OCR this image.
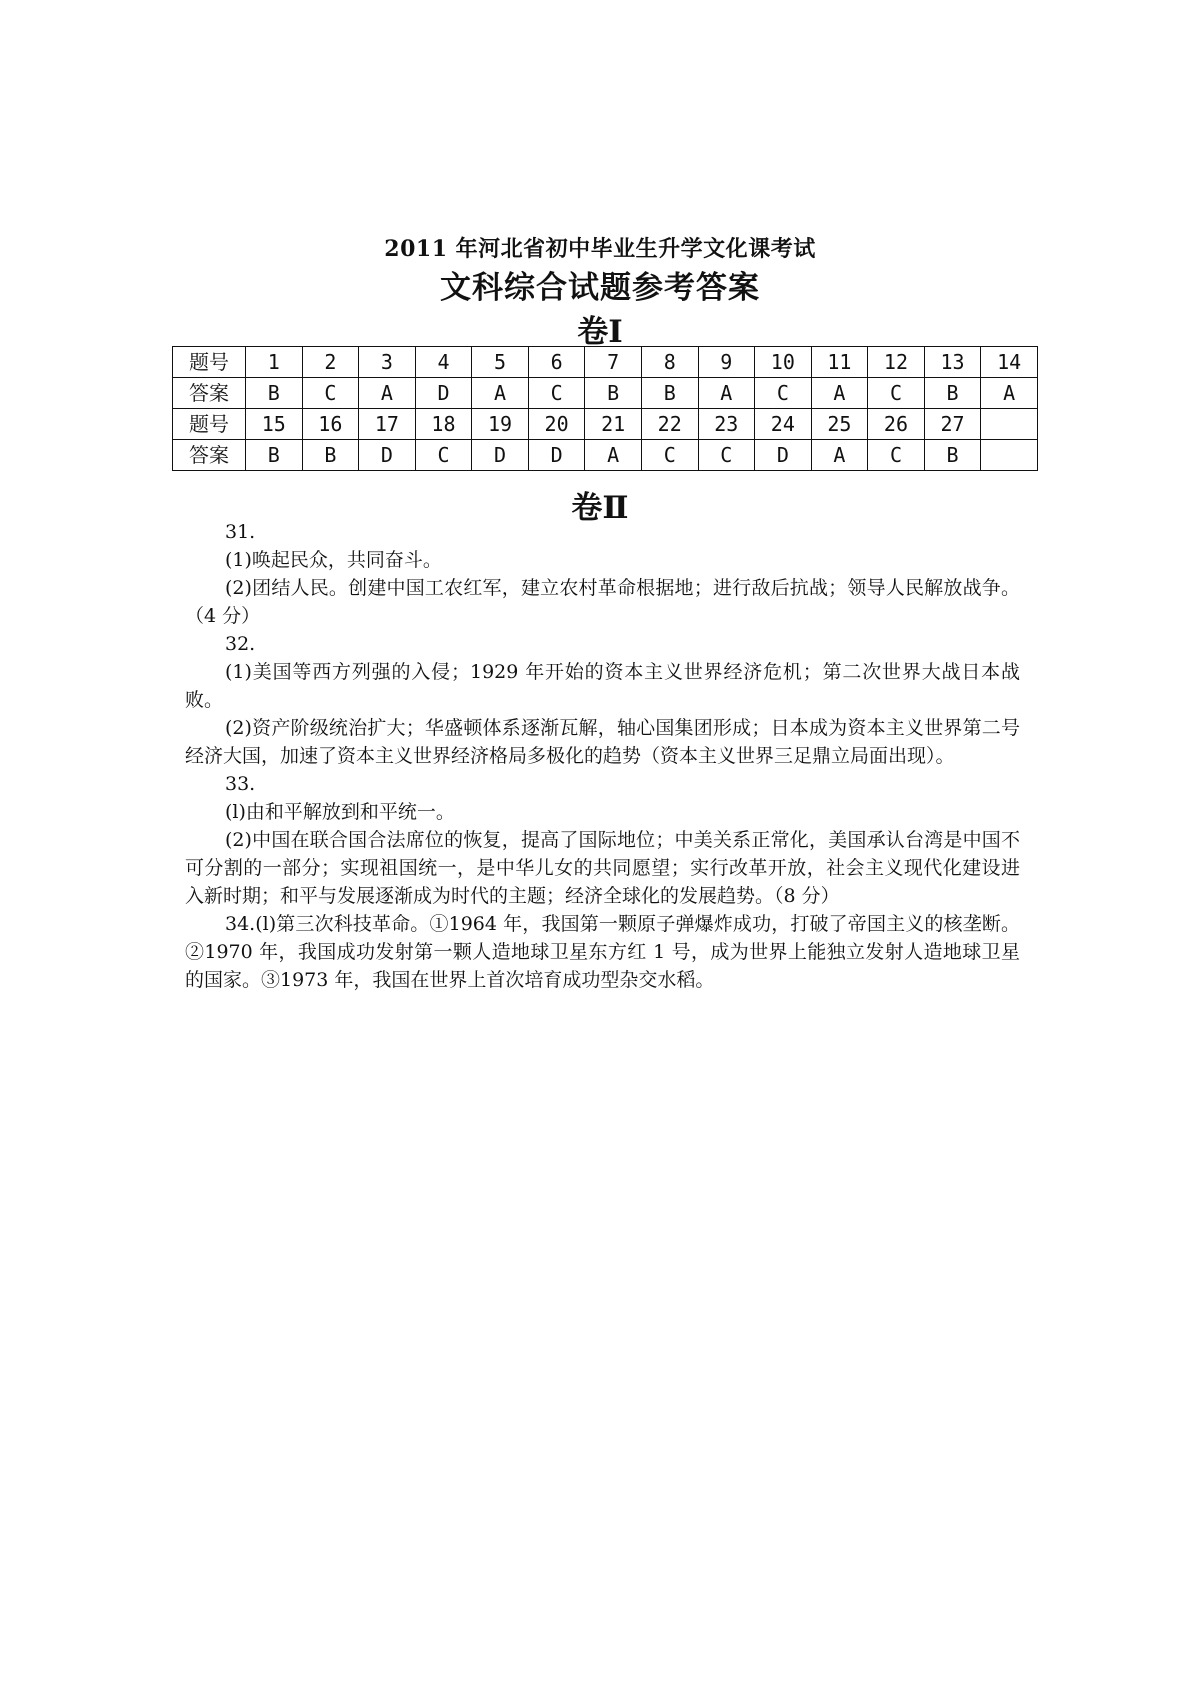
2011 年河北省初中毕业生升学文化课考试
文科综合试题参考答案
卷Ⅰ
题号	1	2	3	4	5	6	7	8	9	10	11	12	13	14
答案	B	C	A	D	A	C	B	B	A	C	A	C	B	A
题号	15	16	17	18	19	20	21	22	23	24	25	26	27	
答案	B	B	D	C	D	D	A	C	C	D	A	C	B	
卷Ⅱ

31.

(1)唤起民众，共同奋斗。

(2)团结人民。创建中国工农红军，建立农村革命根据地；进行敌后抗战；领导人民解放战争。（4 分）

32.

(1)美国等西方列强的入侵；1929 年开始的资本主义世界经济危机；第二次世界大战日本战败。

(2)资产阶级统治扩大；华盛顿体系逐渐瓦解，轴心国集团形成；日本成为资本主义世界第二号经济大国，加速了资本主义世界经济格局多极化的趋势（资本主义世界三足鼎立局面出现）。

33.

(l)由和平解放到和平统一。

(2)中国在联合国合法席位的恢复，提高了国际地位；中美关系正常化，美国承认台湾是中国不可分割的一部分；实现祖国统一，是中华儿女的共同愿望；实行改革开放，社会主义现代化建设进入新时期；和平与发展逐渐成为时代的主题；经济全球化的发展趋势。（8 分）

34.(l)第三次科技革命。①1964 年，我国第一颗原子弹爆炸成功，打破了帝国主义的核垄断。②1970 年，我国成功发射第一颗人造地球卫星东方红 1 号，成为世界上能独立发射人造地球卫星的国家。③1973 年，我国在世界上首次培育成功型杂交水稻。
